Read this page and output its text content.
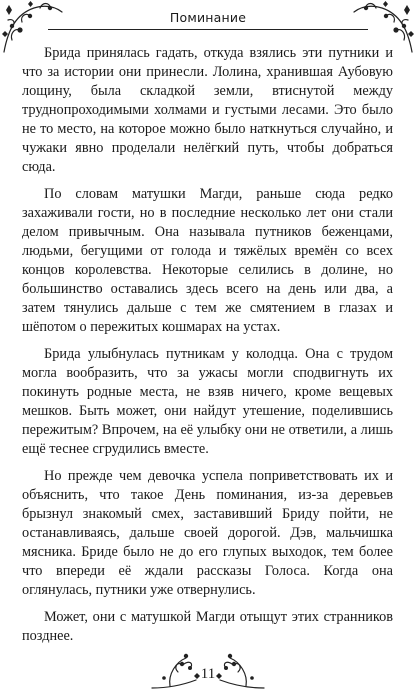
Поминание

Брида принялась гадать, откуда взялись эти путники и что за истории они принесли. Лолина, хранившая Аубовую лощину, была складкой земли, втиснутой между труднопроходимыми холмами и густыми лесами. Это было не то место, на которое можно было наткнуться случайно, и чужаки явно проделали нелёгкий путь, чтобы добраться сюда.

По словам матушки Магди, раньше сюда редко захаживали гости, но в последние несколько лет они стали делом привычным. Она называла путников беженцами, людьми, бегущими от голода и тяжёлых времён со всех концов королевства. Некоторые селились в долине, но большинство оставались здесь всего на день или два, а затем тянулись дальше с тем же смятением в глазах и шёпотом о пережитых кошмарах на устах.

Брида улыбнулась путникам у колодца. Она с трудом могла вообразить, что за ужасы могли сподвигнуть их покинуть родные места, не взяв ничего, кроме вещевых мешков. Быть может, они найдут утешение, поделившись пережитым? Впрочем, на её улыбку они не ответили, а лишь ещё теснее сгрудились вместе.

Но прежде чем девочка успела поприветствовать их и объяснить, что такое День поминания, из-за деревьев брызнул знакомый смех, заставивший Бриду пойти, не останавливаясь, дальше своей дорогой. Дэв, мальчишка мясника. Бриде было не до его глупых выходок, тем более что впереди её ждали рассказы Голоса. Когда она оглянулась, путники уже отвернулись.

Может, они с матушкой Магди отыщут этих странников позднее.

11
